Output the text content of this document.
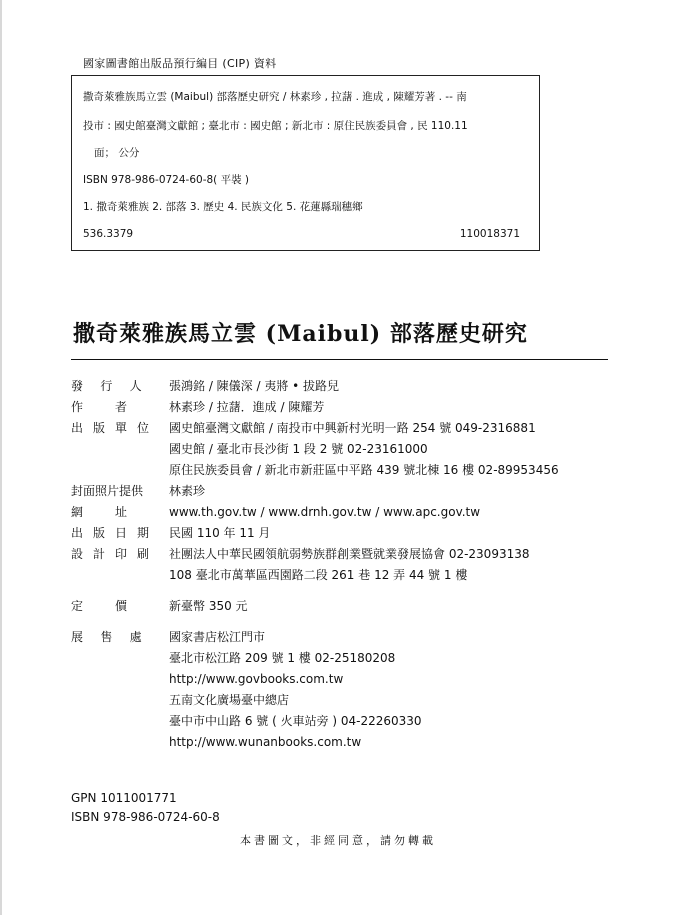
國家圖書館出版品預行編目 (CIP) 資料
撒奇萊雅族馬立雲 (Maibul) 部落歷史研究 / 林素珍 , 拉藷 . 進成 , 陳耀芳著 . -- 南
投市 : 國史館臺灣文獻館 ; 臺北市 : 國史館 ; 新北市 : 原住民族委員會 , 民 110.11
面； 公分
ISBN 978-986-0724-60-8( 平裝 )
1. 撒奇萊雅族 2. 部落 3. 歷史 4. 民族文化 5. 花蓮縣瑞穗鄉
536.3379	110018371
撒奇萊雅族馬立雲 (Maibul) 部落歷史研究
發 行 人 張鴻銘 / 陳儀深 / 夷將 • 拔路兒
作	者	林素珍 / 拉藷．進成 / 陳耀芳
出 版 單 位 國史館臺灣文獻館 / 南投市中興新村光明一路 254 號 049-2316881
國史館 / 臺北市長沙街 1 段 2 號 02-23161000
原住民族委員會 / 新北市新莊區中平路 439 號北棟 16 樓 02-89953456
封面照片提供 林素珍
網	址	www.th.gov.tw / www.drnh.gov.tw / www.apc.gov.tw
出 版 日 期 民國 110 年 11 月
設 計 印 刷 社團法人中華民國領航弱勢族群創業暨就業發展協會 02-23093138
108 臺北市萬華區西園路二段 261 巷 12 弄 44 號 1 樓
定	價	新臺幣 350 元
展 售 處 國家書店松江門市
臺北市松江路 209 號 1 樓 02-25180208
http://www.govbooks.com.tw
五南文化廣場臺中總店
臺中市中山路 6 號 ( 火車站旁 ) 04-22260330
http://www.wunanbooks.com.tw
GPN 1011001771
ISBN 978-986-0724-60-8
本書圖文，非經同意，請勿轉載
